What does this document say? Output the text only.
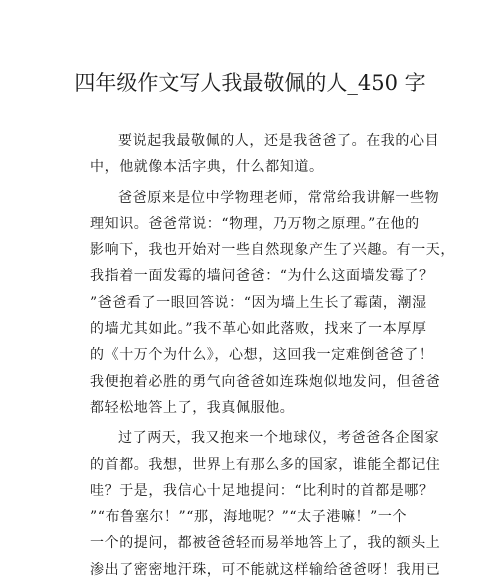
四年级作文写人我最敬佩的人_450 字
要说起我最敬佩的人，还是我爸爸了。在我的心目
中，他就像本活字典，什么都知道。
爸爸原来是位中学物理老师，常常给我讲解一些物
理知识。爸爸常说：“物理，乃万物之原理。”在他的
影响下，我也开始对一些自然现象产生了兴趣。有一天，
我指着一面发霉的墙问爸爸：“为什么这面墙发霉了？
”爸爸看了一眼回答说：“因为墙上生长了霉菌，潮湿
的墙尤其如此。”我不革心如此落败，找来了一本厚厚
的《十万个为什么》，心想，这回我一定难倒爸爸了！
我便抱着必胜的勇气向爸爸如连珠炮似地发问，但爸爸
都轻松地答上了，我真佩服他。
过了两天，我又抱来一个地球仪，考爸爸各企图家
的首都。我想，世界上有那么多的国家，谁能全都记住
哇？于是，我信心十足地提问：“比利时的首都是哪？
”“布鲁塞尔！”“那，海地呢？”“太子港嘛！”一个
一个的提问，都被爸爸轻而易举地答上了，我的额头上
渗出了密密地汗珠，可不能就这样输给爸爸呀！我用已
